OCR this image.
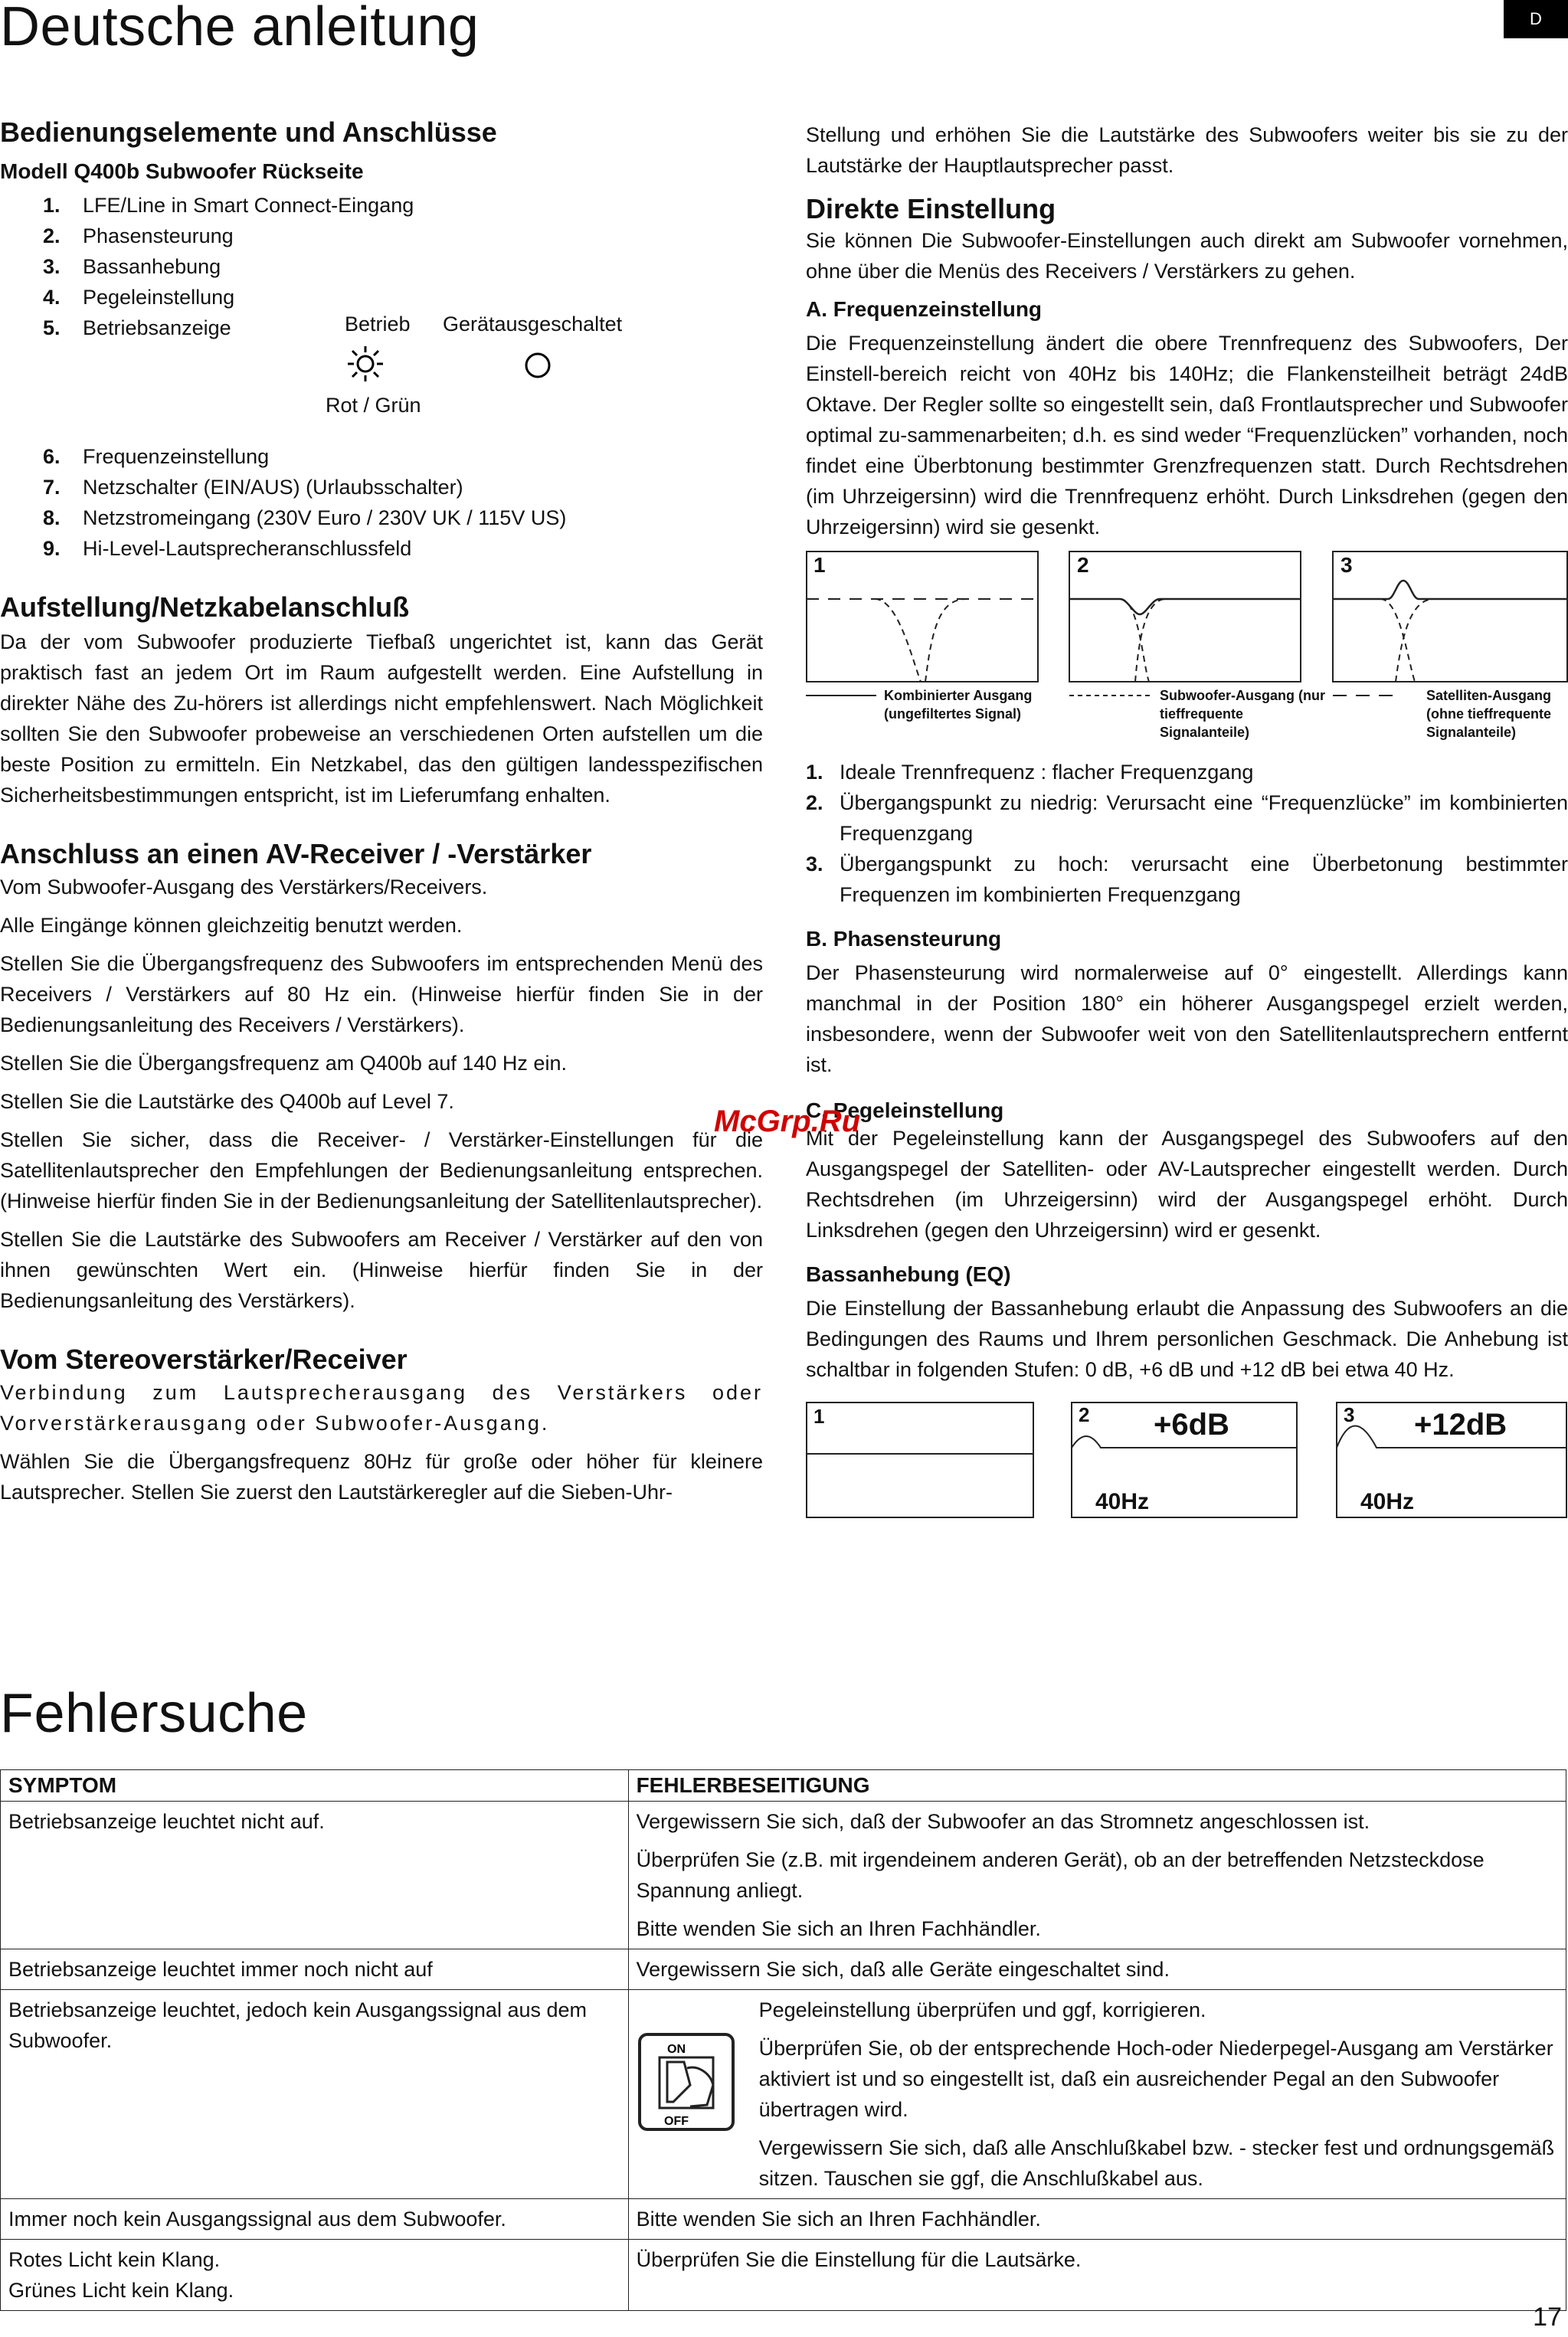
Deutsche anleitung	D
Bedienungselemente und Anschlüsse
Modell Q400b Subwoofer Rückseite
1. LFE/Line in Smart Connect-Eingang
2. Phasensteurung
3. Bassanhebung
4. Pegeleinstellung
5. Betriebsanzeige	Betrieb Gerätausgeschaltet
Rot / Grün
6. Frequenzeinstellung
7. Netzschalter (EIN/AUS) (Urlaubsschalter)
8. Netzstromeingang (230V Euro / 230V UK / 115V US)
9. Hi-Level-Lautsprecheranschlussfeld
Aufstellung/Netzkabelanschluß
Da der vom Subwoofer produzierte Tiefbaß ungerichtet ist, kann das Gerät praktisch fast an jedem Ort im Raum aufgestellt werden. Eine Aufstellung in direkter Nähe des Zu-hörers ist allerdings nicht empfehlenswert. Nach Möglichkeit sollten Sie den Subwoofer probeweise an verschiedenen Orten aufstellen um die beste Position zu ermitteln. Ein Netzkabel, das den gültigen landesspezifischen Sicherheitsbestimmungen entspricht, ist im Lieferumfang enhalten.
Anschluss an einen AV-Receiver / -Verstärker
Vom Subwoofer-Ausgang des Verstärkers/Receivers.
Alle Eingänge können gleichzeitig benutzt werden.
Stellen Sie die Übergangsfrequenz des Subwoofers im entsprechenden Menü des Receivers / Verstärkers auf 80 Hz ein. (Hinweise hierfür finden Sie in der Bedienungsanleitung des Receivers / Verstärkers).
Stellen Sie die Übergangsfrequenz am Q400b auf 140 Hz ein.
Stellen Sie die Lautstärke des Q400b auf Level 7.
Stellen Sie sicher, dass die Receiver- / Verstärker-Einstellungen für die Satellitenlautsprecher den Empfehlungen der Bedienungsanleitung entsprechen. (Hinweise hierfür finden Sie in der Bedienungsanleitung der Satellitenlautsprecher).
Stellen Sie die Lautstärke des Subwoofers am Receiver / Verstärker auf den von ihnen gewünschten Wert ein. (Hinweise hierfür finden Sie in der Bedienungsanleitung des Verstärkers).
Vom Stereoverstärker/Receiver
Verbindung zum Lautsprecherausgang des Verstärkers oder Vorverstärkerausgang oder Subwoofer-Ausgang.
Wählen Sie die Übergangsfrequenz 80Hz für große oder höher für kleinere Lautsprecher. Stellen Sie zuerst den Lautstärkeregler auf die Sieben-Uhr-
Stellung und erhöhen Sie die Lautstärke des Subwoofers weiter bis sie zu der Lautstärke der Hauptlautsprecher passt.
Direkte Einstellung
Sie können Die Subwoofer-Einstellungen auch direkt am Subwoofer vornehmen, ohne über die Menüs des Receivers / Verstärkers zu gehen.
A. Frequenzeinstellung
Die Frequenzeinstellung ändert die obere Trennfrequenz des Subwoofers, Der Einstell-bereich reicht von 40Hz bis 140Hz; die Flankensteilheit beträgt 24dB Oktave. Der Regler sollte so eingestellt sein, daß Frontlautsprecher und Subwoofer optimal zu-sammenarbeiten; d.h. es sind weder “Frequenzlücken” vorhanden, noch findet eine Überbtonung bestimmter Grenzfrequenzen statt. Durch Rechtsdrehen (im Uhrzeigersinn) wird die Trennfrequenz erhöht. Durch Linksdrehen (gegen den Uhrzeigersinn) wird sie gesenkt.
1	2	3
Kombinierter Ausgang (ungefiltertes Signal)
Subwoofer-Ausgang (nur tieffrequente Signalanteile)
Satelliten-Ausgang (ohne tieffrequente Signalanteile)
1. Ideale Trennfrequenz : flacher Frequenzgang
2. Übergangspunkt zu niedrig: Verursacht eine “Frequenzlücke” im kombinierten Frequenzgang
3. Übergangspunkt zu hoch: verursacht eine Überbetonung bestimmter Frequenzen im kombinierten Frequenzgang
B. Phasensteurung
Der Phasensteurung wird normalerweise auf 0° eingestellt. Allerdings kann manchmal in der Position 180° ein höherer Ausgangspegel erzielt werden, insbesondere, wenn der Subwoofer weit von den Satellitenlautsprechern entfernt ist.
C. Pegeleinstellung
McGrp.Ru
Mit der Pegeleinstellung kann der Ausgangspegel des Subwoofers auf den Ausgangspegel der Satelliten- oder AV-Lautsprecher eingestellt werden. Durch Rechtsdrehen (im Uhrzeigersinn) wird der Ausgangspegel erhöht. Durch Linksdrehen (gegen den Uhrzeigersinn) wird er gesenkt.
Bassanhebung (EQ)
Die Einstellung der Bassanhebung erlaubt die Anpassung des Subwoofers an die Bedingungen des Raums und Ihrem personlichen Geschmack. Die Anhebung ist schaltbar in folgenden Stufen: 0 dB, +6 dB und +12 dB bei etwa 40 Hz.
1	2 +6dB
40Hz
3 +12dB
40Hz
Fehlersuche
SYMPTOM	FEHLERBESEITIGUNG
Betriebsanzeige leuchtet nicht auf.	Vergewissern Sie sich, daß der Subwoofer an das Stromnetz angeschlossen ist.

Überprüfen Sie (z.B. mit irgendeinem anderen Gerät), ob an der betreffenden Netzsteckdose Spannung anliegt.

Bitte wenden Sie sich an Ihren Fachhändler.

Betriebsanzeige leuchtet immer noch nicht auf	Vergewissern Sie sich, daß alle Geräte eingeschaltet sind.
Betriebsanzeige leuchtet, jedoch kein Ausgangssignal aus dem Subwoofer.	ON
OFF

Pegeleinstellung überprüfen und ggf, korrigieren.

Überprüfen Sie, ob der entsprechende Hoch-oder Niederpegel-Ausgang am Verstärker aktiviert ist und so eingestellt ist, daß ein ausreichender Pegal an den Subwoofer übertragen wird.

Vergewissern Sie sich, daß alle Anschlußkabel bzw. - stecker fest und ordnungsgemäß sitzen. Tauschen sie ggf, die Anschlußkabel aus.

Immer noch kein Ausgangssignal aus dem Subwoofer.	Bitte wenden Sie sich an Ihren Fachhändler.

Rotes Licht kein Klang.
Grünes Licht kein Klang.	Überprüfen Sie die Einstellung für die Lautsärke.
17
